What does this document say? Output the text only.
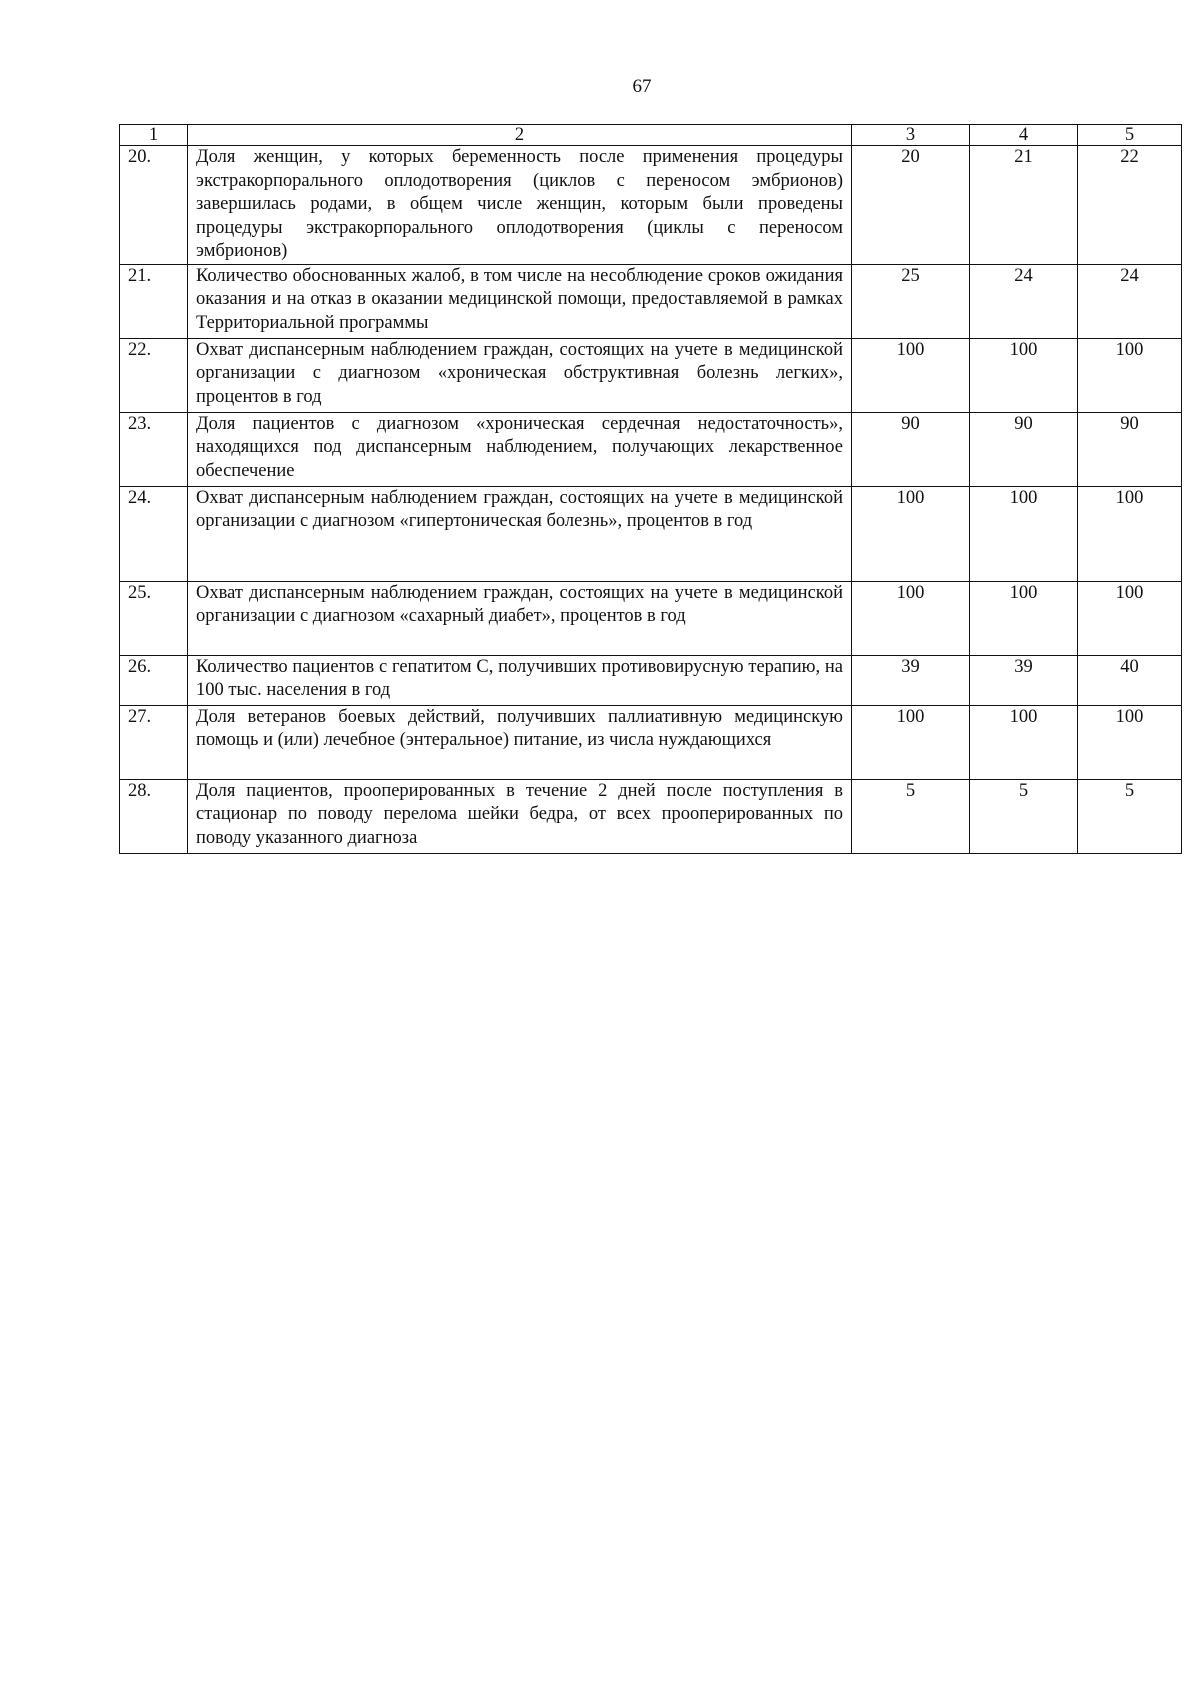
67
1	2	3	4	5
20.	Доля женщин, у которых беременность после применения процедуры экстракорпорального оплодотворения (циклов с переносом эмбрионов) завершилась родами, в общем числе женщин, которым были проведены процедуры экстракорпорального оплодотворения (циклы с переносом эмбрионов)	20	21	22
21.	Количество обоснованных жалоб, в том числе на несоблюдение сроков ожидания оказания и на отказ в оказании медицинской помощи, предоставляемой в рамках Территориальной программы	25	24	24
22.	Охват диспансерным наблюдением граждан, состоящих на учете в медицинской организации с диагнозом «хроническая обструктивная болезнь легких», процентов в год	100	100	100
23.	Доля пациентов с диагнозом «хроническая сердечная недостаточность», находящихся под диспансерным наблюдением, получающих лекарственное обеспечение	90	90	90
24.	Охват диспансерным наблюдением граждан, состоящих на учете в медицинской организации с диагнозом «гипертоническая болезнь», процентов в год	100	100	100
25.	Охват диспансерным наблюдением граждан, состоящих на учете в медицинской организации с диагнозом «сахарный диабет», процентов в год	100	100	100
26.	Количество пациентов с гепатитом С, получивших противовирусную терапию, на 100 тыс. населения в год	39	39	40
27.	Доля ветеранов боевых действий, получивших паллиативную медицинскую помощь и (или) лечебное (энтеральное) питание, из числа нуждающихся	100	100	100
28.	Доля пациентов, прооперированных в течение 2 дней после поступления в стационар по поводу перелома шейки бедра, от всех прооперированных по поводу указанного диагноза	5	5	5
